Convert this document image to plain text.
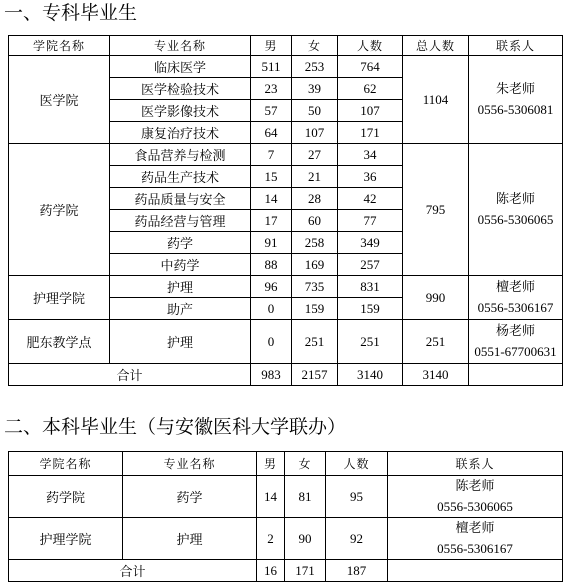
一、专科毕业生
学院名称	专业名称	男	女	人数	总人数	联系人
医学院	临床医学	511	253	764	1104	朱老师
0556-5306081

	医学检验技术	23	39	62		
	医学影像技术	57	50	107		
	康复治疗技术	64	107	171		
药学院	食品营养与检测	7	27	34	795	陈老师
0556-5306065

	药品生产技术	15	21	36		
	药品质量与安全	14	28	42		
	药品经营与管理	17	60	77		
	药学	91	258	349		
	中药学	88	169	257		
护理学院	护理	96	735	831	990	檀老师
0556-5306167

	助产	0	159	159		
肥东教学点	护理	0	251	251	251	杨老师
0551-67700631

合计		983	2157	3140	3140	
二、本科毕业生（与安徽医科大学联办）
学院名称	专业名称	男	女	人数	联系人
药学院	药学	14	81	95	陈老师
0556-5306065

护理学院	护理	2	90	92	檀老师
0556-5306167

合计		16	171	187	
